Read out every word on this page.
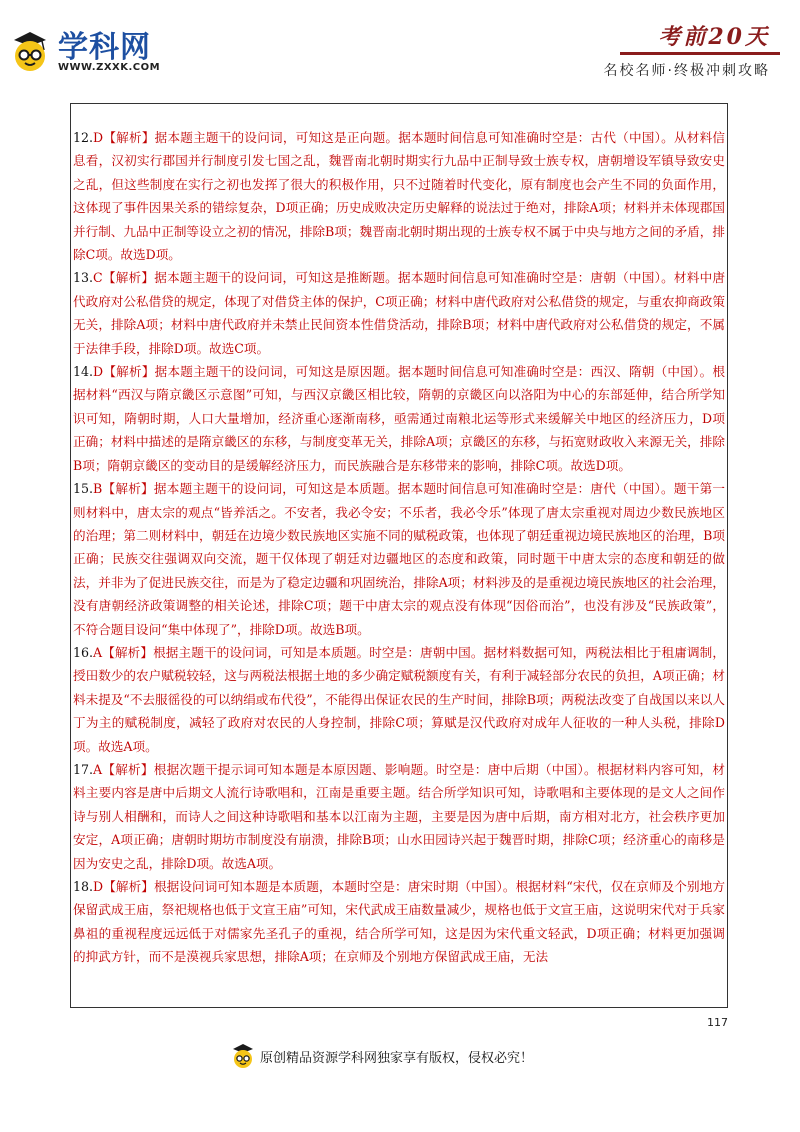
学科网
WWW.ZXXK.COM
考前20天
名校名师·终极冲刺攻略

12.D【解析】据本题主题干的设问词，可知这是正向题。据本题时间信息可知准确时空是：古代（中国）。从材料信息看，汉初实行郡国并行制度引发七国之乱，魏晋南北朝时期实行九品中正制导致士族专权，唐朝增设军镇导致安史之乱，但这些制度在实行之初也发挥了很大的积极作用，只不过随着时代变化，原有制度也会产生不同的负面作用，这体现了事件因果关系的错综复杂，D项正确；历史成败决定历史解释的说法过于绝对，排除A项；材料并未体现郡国并行制、九品中正制等设立之初的情况，排除B项；魏晋南北朝时期出现的士族专权不属于中央与地方之间的矛盾，排除C项。故选D项。

13.C【解析】据本题主题干的设问词，可知这是推断题。据本题时间信息可知准确时空是：唐朝（中国）。材料中唐代政府对公私借贷的规定，体现了对借贷主体的保护，C项正确；材料中唐代政府对公私借贷的规定，与重农抑商政策无关，排除A项；材料中唐代政府并未禁止民间资本性借贷活动，排除B项；材料中唐代政府对公私借贷的规定，不属于法律手段，排除D项。故选C项。

14.D【解析】据本题主题干的设问词，可知这是原因题。据本题时间信息可知准确时空是：西汉、隋朝（中国）。根据材料“西汉与隋京畿区示意图”可知，与西汉京畿区相比较，隋朝的京畿区向以洛阳为中心的东部延伸，结合所学知识可知，隋朝时期，人口大量增加，经济重心逐渐南移，亟需通过南粮北运等形式来缓解关中地区的经济压力，D项正确；材料中描述的是隋京畿区的东移，与制度变革无关，排除A项；京畿区的东移，与拓宽财政收入来源无关，排除B项；隋朝京畿区的变动目的是缓解经济压力，而民族融合是东移带来的影响，排除C项。故选D项。

15.B【解析】据本题主题干的设问词，可知这是本质题。据本题时间信息可知准确时空是：唐代（中国）。题干第一则材料中，唐太宗的观点“皆养活之。不安者，我必令安；不乐者，我必令乐”体现了唐太宗重视对周边少数民族地区的治理；第二则材料中，朝廷在边境少数民族地区实施不同的赋税政策，也体现了朝廷重视边境民族地区的治理，B项正确；民族交往强调双向交流，题干仅体现了朝廷对边疆地区的态度和政策，同时题干中唐太宗的态度和朝廷的做法，并非为了促进民族交往，而是为了稳定边疆和巩固统治，排除A项；材料涉及的是重视边境民族地区的社会治理，没有唐朝经济政策调整的相关论述，排除C项；题干中唐太宗的观点没有体现“因俗而治”，也没有涉及“民族政策”，不符合题目设问“集中体现了”，排除D项。故选B项。

16.A【解析】根据主题干的设问词，可知是本质题。时空是：唐朝中国。据材料数据可知，两税法相比于租庸调制，授田数少的农户赋税较轻，这与两税法根据土地的多少确定赋税额度有关，有利于减轻部分农民的负担，A项正确；材料未提及“不去服徭役的可以纳绢或布代役”，不能得出保证农民的生产时间，排除B项；两税法改变了自战国以来以人丁为主的赋税制度，减轻了政府对农民的人身控制，排除C项；算赋是汉代政府对成年人征收的一种人头税，排除D项。故选A项。

17.A【解析】根据次题干提示词可知本题是本原因题、影响题。时空是：唐中后期（中国）。根据材料内容可知，材料主要内容是唐中后期文人流行诗歌唱和，江南是重要主题。结合所学知识可知，诗歌唱和主要体现的是文人之间作诗与别人相酬和，而诗人之间这种诗歌唱和基本以江南为主题，主要是因为唐中后期，南方相对北方，社会秩序更加安定，A项正确；唐朝时期坊市制度没有崩溃，排除B项；山水田园诗兴起于魏晋时期，排除C项；经济重心的南移是因为安史之乱，排除D项。故选A项。

18.D【解析】根据设问词可知本题是本质题，本题时空是：唐宋时期（中国）。根据材料“宋代，仅在京师及个别地方保留武成王庙，祭祀规格也低于文宣王庙”可知，宋代武成王庙数量减少，规格也低于文宣王庙，这说明宋代对于兵家鼻祖的重视程度远远低于对儒家先圣孔子的重视，结合所学可知，这是因为宋代重文轻武，D项正确；材料更加强调的抑武方针，而不是漠视兵家思想，排除A项；在京师及个别地方保留武成王庙，无法

117
原创精品资源学科网独家享有版权，侵权必究！
